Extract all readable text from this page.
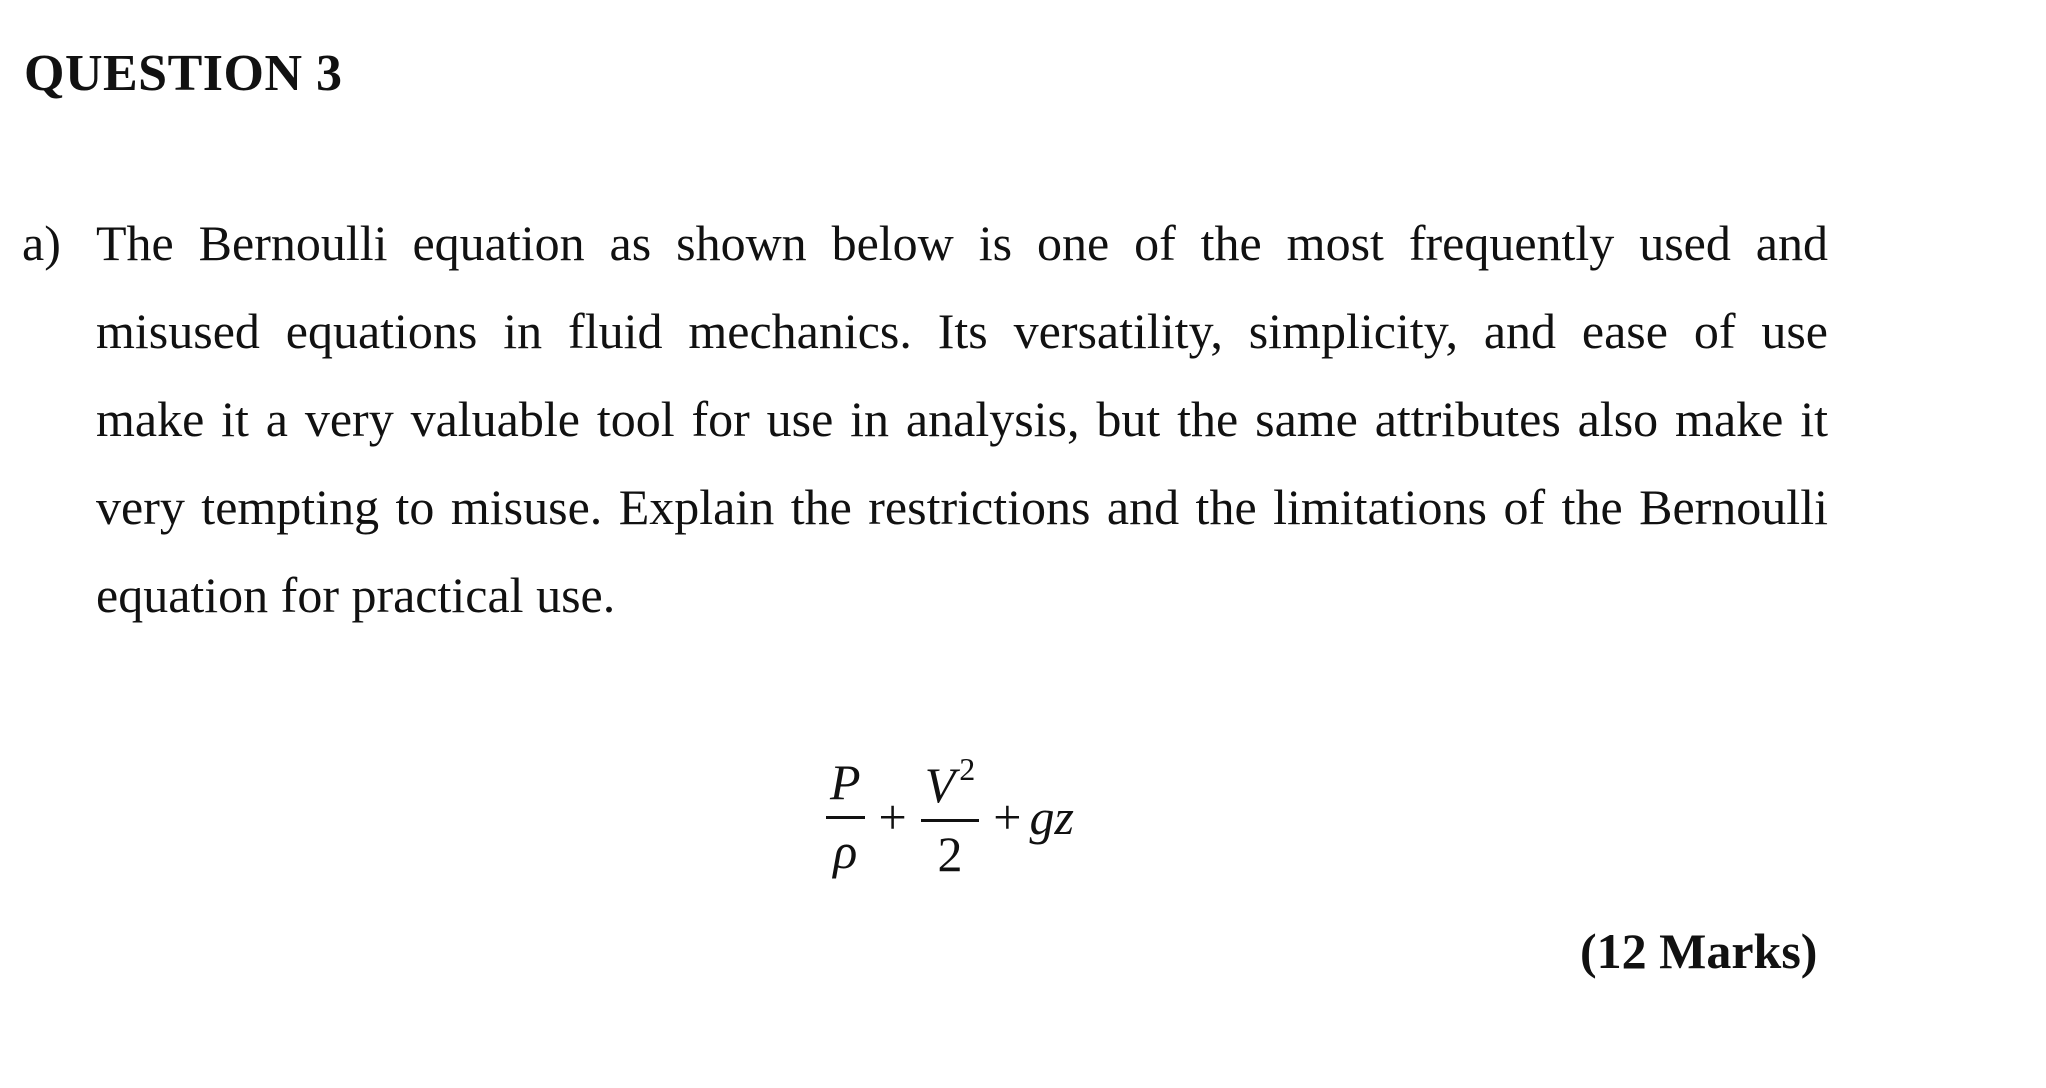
QUESTION 3
a) The Bernoulli equation as shown below is one of the most frequently used and
misused equations in fluid mechanics. Its versatility, simplicity, and ease of use
make it a very valuable tool for use in analysis, but the same attributes also make it
very tempting to misuse. Explain the restrictions and the limitations of the Bernoulli
equation for practical use.
$\frac{P}{\rho} + \frac{V ^2}{2}$ + gz
(12 Marks)
